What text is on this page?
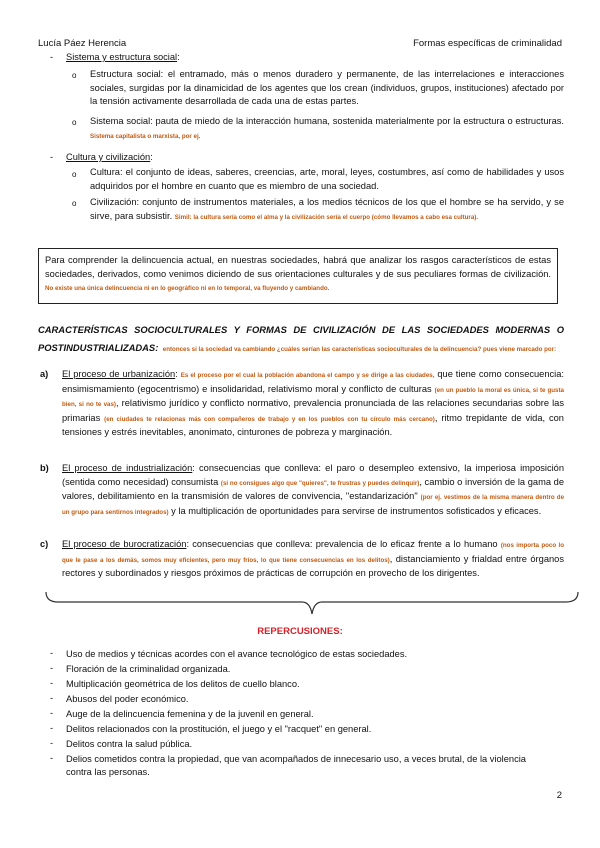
Lucía Páez Herencia	Formas específicas de criminalidad
- Sistema y estructura social:
o Estructura social: el entramado, más o menos duradero y permanente, de las interrelaciones e interacciones sociales, surgidas por la dinamicidad de los agentes que los crean (individuos, grupos, instituciones) afectado por la tensión activamente desarrollada de cada una de estas partes.
o Sistema social: pauta de miedo de la interacción humana, sostenida materialmente por la estructura o estructuras. Sistema capitalista o marxista, por ej.
- Cultura y civilización:
o Cultura: el conjunto de ideas, saberes, creencias, arte, moral, leyes, costumbres, así como de habilidades y usos adquiridos por el hombre en cuanto que es miembro de una sociedad.
o Civilización: conjunto de instrumentos materiales, a los medios técnicos de los que el hombre se ha servido, y se sirve, para subsistir. Simil: la cultura sería como el alma y la civilización sería el cuerpo (cómo llevamos a cabo esa cultura).
Para comprender la delincuencia actual, en nuestras sociedades, habrá que analizar los rasgos característicos de estas sociedades, derivados, como venimos diciendo de sus orientaciones culturales y de sus peculiares formas de civilización. No existe una única delincuencia ni en lo geográfico ni en lo temporal, va fluyendo y cambiando.
CARACTERÍSTICAS SOCIOCULTURALES Y FORMAS DE CIVILIZACIÓN DE LAS SOCIEDADES MODERNAS O POSTINDUSTRIALIZADAS: entonces si la sociedad va cambiando ¿cuáles serían las características socioculturales de la delincuencia? pues viene marcado por:
a) El proceso de urbanización: Es el proceso por el cual la población abandona el campo y se dirige a las ciudades, que tiene como consecuencia: ensimismamiento (egocentrismo) e insolidaridad, relativismo moral y conflicto de culturas (en un pueblo la moral es única, si te gusta bien, si no te vas), relativismo jurídico y conflicto normativo, prevalencia pronunciada de las relaciones secundarias sobre las primarias (en ciudades te relacionas más con compañeros de trabajo y en los pueblos con tu círculo más cercano), ritmo trepidante de vida, con tensiones y estrés inevitables, anonimato, cinturones de pobreza y marginación.
b) El proceso de industrialización: consecuencias que conlleva: el paro o desempleo extensivo, la imperiosa imposición (sentida como necesidad) consumista (si no consigues algo que "quieres", te frustras y puedes delinquir), cambio o inversión de la gama de valores, debilitamiento en la transmisión de valores de convivencia, "estandarización" (por ej. vestimos de la misma manera dentro de un grupo para sentirnos integrados) y la multiplicación de oportunidades para servirse de instrumentos sofisticados y eficaces.
c) El proceso de burocratización: consecuencias que conlleva: prevalencia de lo eficaz frente a lo humano (nos importa poco lo que le pase a los demás, somos muy eficientes, pero muy fríos, lo que tiene consecuencias en los delitos), distanciamiento y frialdad entre órganos rectores y subordinados y riesgos próximos de prácticas de corrupción en provecho de los dirigentes.
REPERCUSIONES:
- Uso de medios y técnicas acordes con el avance tecnológico de estas sociedades.
- Floración de la criminalidad organizada.
- Multiplicación geométrica de los delitos de cuello blanco.
- Abusos del poder económico.
- Auge de la delincuencia femenina y de la juvenil en general.
- Delitos relacionados con la prostitución, el juego y el "racquet" en general.
- Delitos contra la salud pública.
- Delios cometidos contra la propiedad, que van acompañados de innecesario uso, a veces brutal, de la violencia contra las personas.
2
